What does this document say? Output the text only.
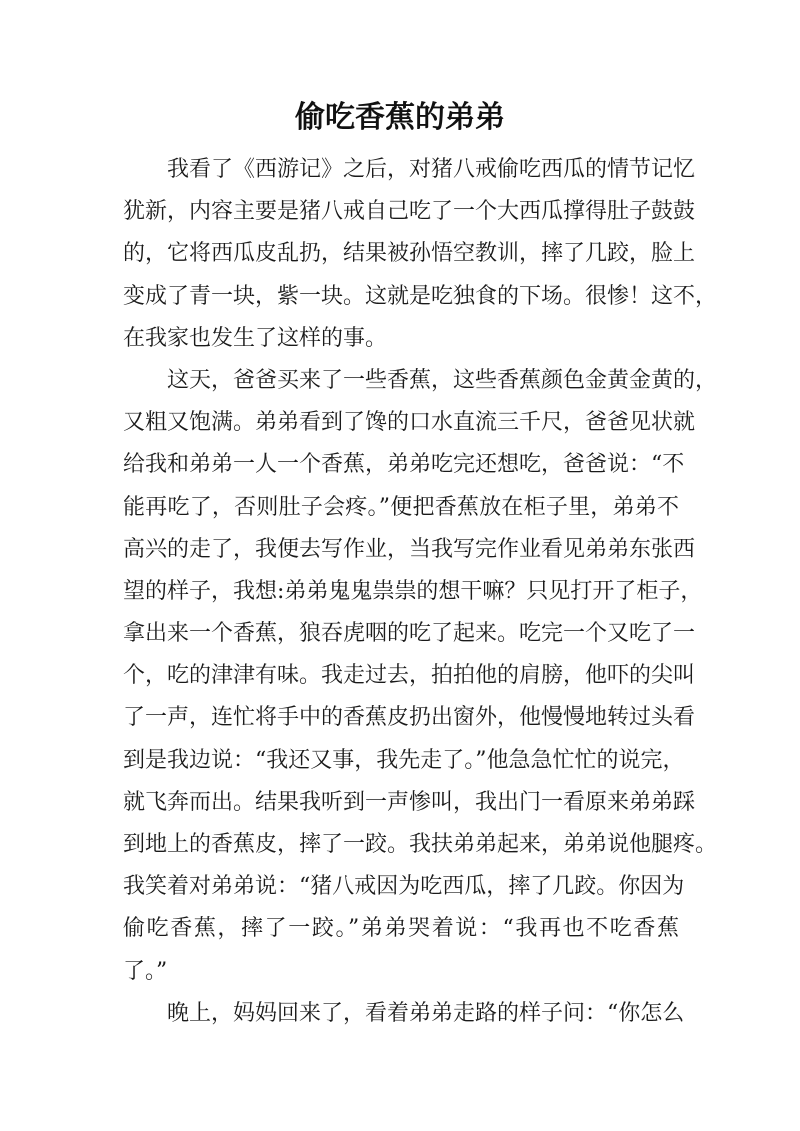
偷吃香蕉的弟弟
我看了《西游记》之后，对猪八戒偷吃西瓜的情节记忆
犹新，内容主要是猪八戒自己吃了一个大西瓜撑得肚子鼓鼓
的，它将西瓜皮乱扔，结果被孙悟空教训，摔了几跤，脸上
变成了青一块，紫一块。这就是吃独食的下场。很惨！这不，
在我家也发生了这样的事。
这天，爸爸买来了一些香蕉，这些香蕉颜色金黄金黄的，
又粗又饱满。弟弟看到了馋的口水直流三千尺，爸爸见状就
给我和弟弟一人一个香蕉，弟弟吃完还想吃，爸爸说：“不
能再吃了，否则肚子会疼。”便把香蕉放在柜子里，弟弟不
高兴的走了，我便去写作业，当我写完作业看见弟弟东张西
望的样子，我想:弟弟鬼鬼祟祟的想干嘛？只见打开了柜子，
拿出来一个香蕉，狼吞虎咽的吃了起来。吃完一个又吃了一
个，吃的津津有味。我走过去，拍拍他的肩膀，他吓的尖叫
了一声，连忙将手中的香蕉皮扔出窗外，他慢慢地转过头看
到是我边说：“我还又事，我先走了。”他急急忙忙的说完，
就飞奔而出。结果我听到一声惨叫，我出门一看原来弟弟踩
到地上的香蕉皮，摔了一跤。我扶弟弟起来，弟弟说他腿疼。
我笑着对弟弟说：“猪八戒因为吃西瓜，摔了几跤。你因为
偷吃香蕉，摔了一跤。”弟弟哭着说：“我再也不吃香蕉
了。”
晚上，妈妈回来了，看着弟弟走路的样子问：“你怎么
